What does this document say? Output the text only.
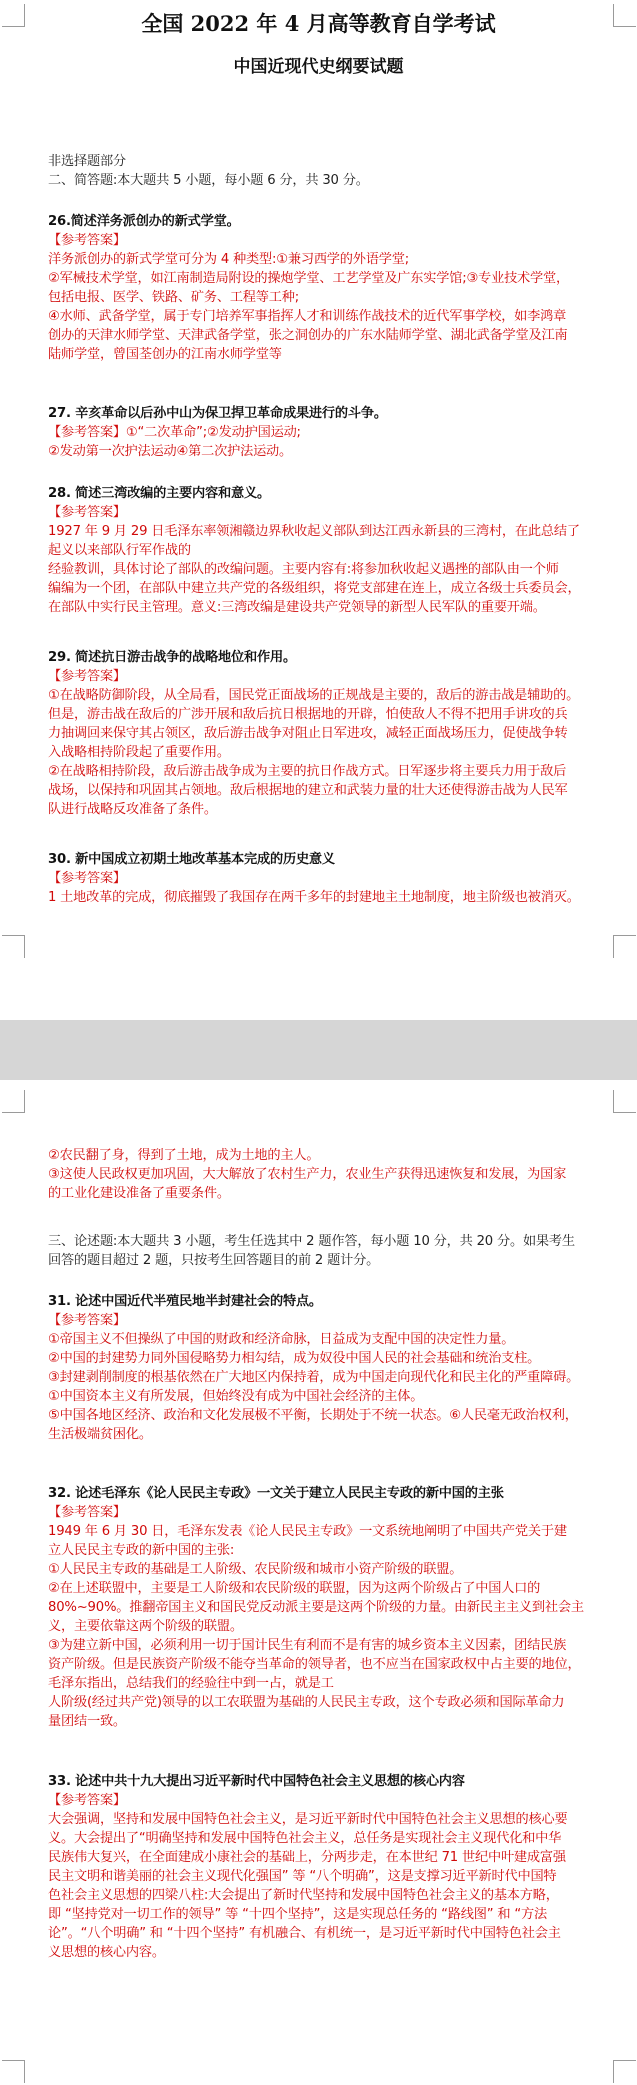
全国 2022 年 4 月高等教育自学考试
中国近现代史纲要试题
非选择题部分
二、简答题:本大题共 5 小题，每小题 6 分，共 30 分。
26.简述洋务派创办的新式学堂。
【参考答案】
洋务派创办的新式学堂可分为 4 种类型:①兼习西学的外语学堂;
②军械技术学堂，如江南制造局附设的操炮学堂、工艺学堂及广东实学馆;③专业技术学堂，
包括电报、医学、铁路、矿务、工程等工种;
④水师、武备学堂，属于专门培养军事指挥人才和训练作战技术的近代军事学校，如李鸿章
创办的天津水师学堂、天津武备学堂，张之洞创办的广东水陆师学堂、湖北武备学堂及江南
陆师学堂，曾国荃创办的江南水师学堂等
27. 辛亥革命以后孙中山为保卫捍卫革命成果进行的斗争。
【参考答案】①“二次革命”;②发动护国运动;
②发动第一次护法运动④第二次护法运动。
28. 简述三湾改编的主要内容和意义。
【参考答案】
1927 年 9 月 29 日毛泽东率领湘赣边界秋收起义部队到达江西永新县的三湾村，在此总结了
起义以来部队行军作战的
经验教训，具体讨论了部队的改编问题。主要内容有:将参加秋收起义遇挫的部队由一个师
编编为一个团，在部队中建立共产党的各级组织，将党支部建在连上，成立各级士兵委员会，
在部队中实行民主管理。意义:三湾改编是建设共产党领导的新型人民军队的重要开端。
29. 简述抗日游击战争的战略地位和作用。
【参考答案】
①在战略防御阶段，从全局看，国民党正面战场的正规战是主要的，敌后的游击战是辅助的。
但是，游击战在敌后的广涉开展和敌后抗日根据地的开辟，怕使敌人不得不把用手讲攻的兵
力抽调回来保守其占领区，敌后游击战争对阻止日军进攻，减轻正面战场压力，促使战争转
入战略相持阶段起了重要作用。
②在战略相持阶段，敌后游击战争成为主要的抗日作战方式。日军逐步将主要兵力用于敌后
战场，以保持和巩固其占领地。敌后根据地的建立和武装力量的壮大还使得游击战为人民军
队进行战略反攻准备了条件。
30. 新中国成立初期土地改革基本完成的历史意义
【参考答案】
1 土地改革的完成，彻底摧毁了我国存在两千多年的封建地主土地制度，地主阶级也被消灭。
②农民翻了身，得到了土地，成为土地的主人。
③这使人民政权更加巩固，大大解放了农村生产力，农业生产获得迅速恢复和发展，为国家
的工业化建设准备了重要条件。
三、论述题:本大题共 3 小题，考生任选其中 2 题作答，每小题 10 分，共 20 分。如果考生
回答的题目超过 2 题，只按考生回答题目的前 2 题计分。
31. 论述中国近代半殖民地半封建社会的特点。
【参考答案】
①帝国主义不但操纵了中国的财政和经济命脉，日益成为支配中国的决定性力量。
②中国的封建势力同外国侵略势力相勾结，成为奴役中国人民的社会基础和统治支柱。
③封建剥削制度的根基依然在广大地区内保持着，成为中国走向现代化和民主化的严重障碍。
①中国资本主义有所发展，但始终没有成为中国社会经济的主体。
⑤中国各地区经济、政治和文化发展极不平衡，长期处于不统一状态。⑥人民毫无政治权利，
生活极端贫困化。
32. 论述毛泽东《论人民民主专政》一文关于建立人民民主专政的新中国的主张
【参考答案】
1949 年 6 月 30 日，毛泽东发表《论人民民主专政》一文系统地阐明了中国共产党关于建
立人民民主专政的新中国的主张:
①人民民主专政的基础是工人阶级、农民阶级和城市小资产阶级的联盟。
②在上述联盟中，主要是工人阶级和农民阶级的联盟，因为这两个阶级占了中国人口的
80%~90%。推翻帝国主义和国民党反动派主要是这两个阶级的力量。由新民主主义到社会主
义，主要依靠这两个阶级的联盟。
③为建立新中国，必须利用一切于国计民生有利而不是有害的城乡资本主义因素，团结民族
资产阶级。但是民族资产阶级不能夺当革命的领导者，也不应当在国家政权中占主要的地位，
毛泽东指出，总结我们的经验往中到一占，就是工
人阶级(经过共产党)领导的以工农联盟为基础的人民民主专政，这个专政必须和国际革命力
量团结一致。
33. 论述中共十九大提出习近平新时代中国特色社会主义思想的核心内容
【参考答案】
大会强调，坚持和发展中国特色社会主义，是习近平新时代中国特色社会主义思想的核心要
义。大会提出了“明确坚持和发展中国特色社会主义，总任务是实现社会主义现代化和中华
民族伟大复兴，在全面建成小康社会的基础上，分两步走，在本世纪 71 世纪中叶建成富强
民主文明和谐美丽的社会主义现代化强国” 等 “八个明确”，这是支撑习近平新时代中国特
色社会主义思想的四梁八柱:大会提出了新时代坚持和发展中国特色社会主义的基本方略，
即 “坚持党对一切工作的领导” 等 “十四个坚持”，这是实现总任务的 “路线图” 和 “方法
论”。“八个明确” 和 “十四个坚持” 有机融合、有机统一，是习近平新时代中国特色社会主
义思想的核心内容。
